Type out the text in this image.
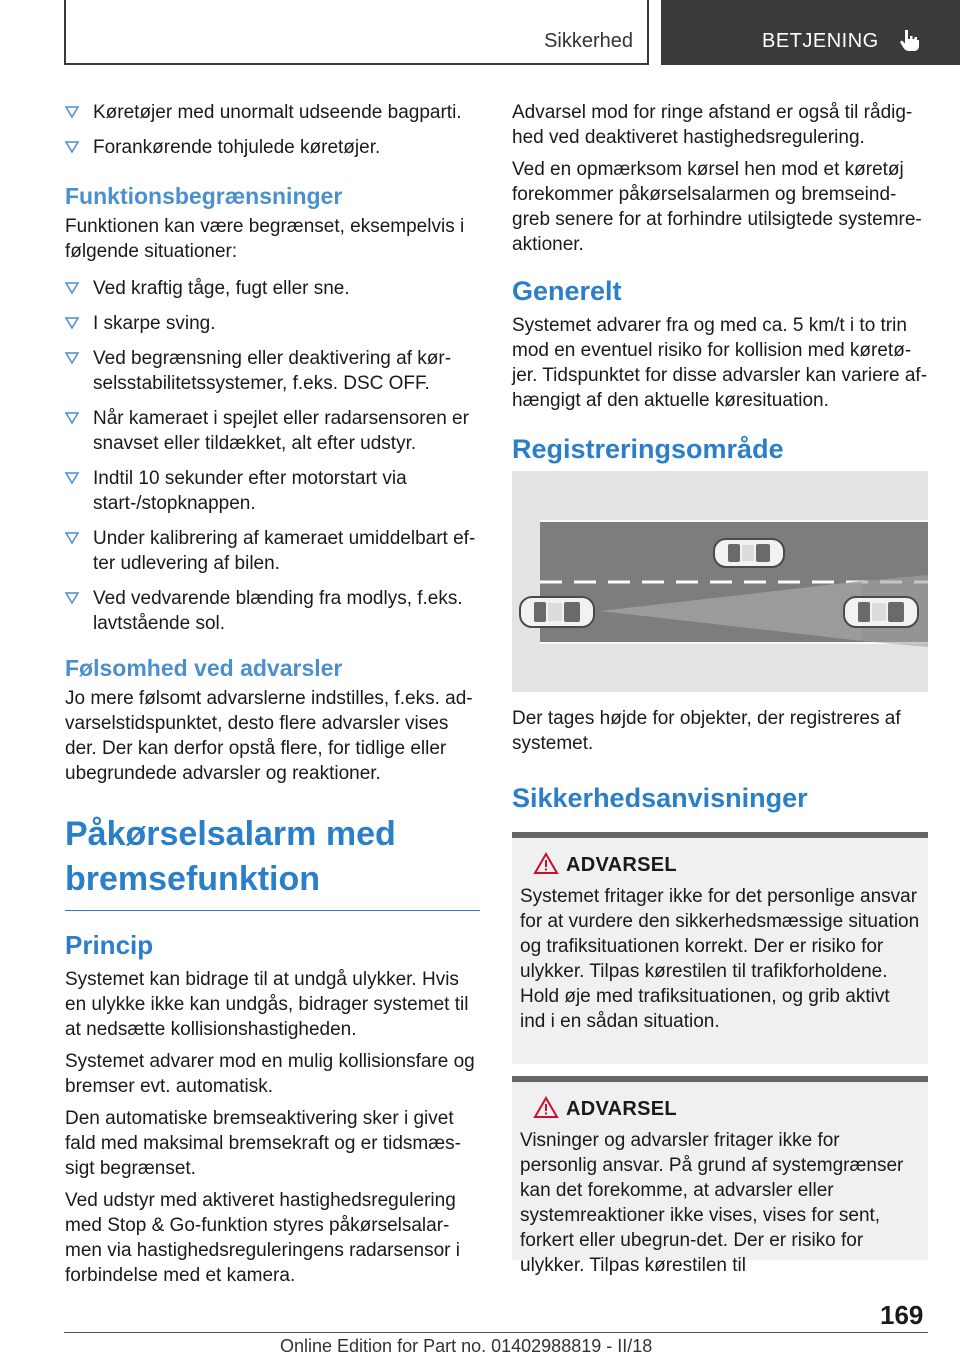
Sikkerhed	BETJENING
Køretøjer med unormalt udseende bagparti.
Forankørende tohjulede køretøjer.
Funktionsbegrænsninger

Funktionen kan være begrænset, eksempelvis i følgende situationer:

Ved kraftig tåge, fugt eller sne.
I skarpe sving.
Ved begrænsning eller deaktivering af kør-selsstabilitetssystemer, f.eks. DSC OFF.
Når kameraet i spejlet eller radarsensoren er snavset eller tildækket, alt efter udstyr.
Indtil 10 sekunder efter motorstart via start-/stopknappen.
Under kalibrering af kameraet umiddelbart ef-ter udlevering af bilen.
Ved vedvarende blænding fra modlys, f.eks. lavtstående sol.
Følsomhed ved advarsler

Jo mere følsomt advarslerne indstilles, f.eks. ad-varselstidspunktet, desto flere advarsler vises der. Der kan derfor opstå flere, for tidlige eller ubegrundede advarsler og reaktioner.

Påkørselsalarm med
bremsefunktion
Princip

Systemet kan bidrage til at undgå ulykker. Hvis en ulykke ikke kan undgås, bidrager systemet til at nedsætte kollisionshastigheden.

Systemet advarer mod en mulig kollisionsfare og bremser evt. automatisk.

Den automatiske bremseaktivering sker i givet fald med maksimal bremsekraft og er tidsmæs-sigt begrænset.

Ved udstyr med aktiveret hastighedsregulering med Stop & Go-funktion styres påkørselsalar-men via hastighedsreguleringens radarsensor i forbindelse med et kamera.

Advarsel mod for ringe afstand er også til rådig-hed ved deaktiveret hastighedsregulering.

Ved en opmærksom kørsel hen mod et køretøj forekommer påkørselsalarmen og bremseind-greb senere for at forhindre utilsigtede systemre-aktioner.

Generelt

Systemet advarer fra og med ca. 5 km/t i to trin mod en eventuel risiko for kollision med køretø-jer. Tidspunktet for disse advarsler kan variere af-hængigt af den aktuelle køresituation.

Registreringsområde

Der tages højde for objekter, der registreres af systemet.

Sikkerhedsanvisninger
ADVARSEL
Systemet fritager ikke for det personlige ansvar for at vurdere den sikkerhedsmæssige situation og trafiksituationen korrekt. Der er risiko for ulykker. Tilpas kørestilen til trafikforholdene. Hold øje med trafiksituationen, og grib aktivt ind i en sådan situation.
ADVARSEL
Visninger og advarsler fritager ikke for personlig ansvar. På grund af systemgrænser kan det forekomme, at advarsler eller systemreaktioner ikke vises, vises for sent, forkert eller ubegrun-det. Der er risiko for ulykker. Tilpas kørestilen til
169
Online Edition for Part no. 01402988819 - II/18
